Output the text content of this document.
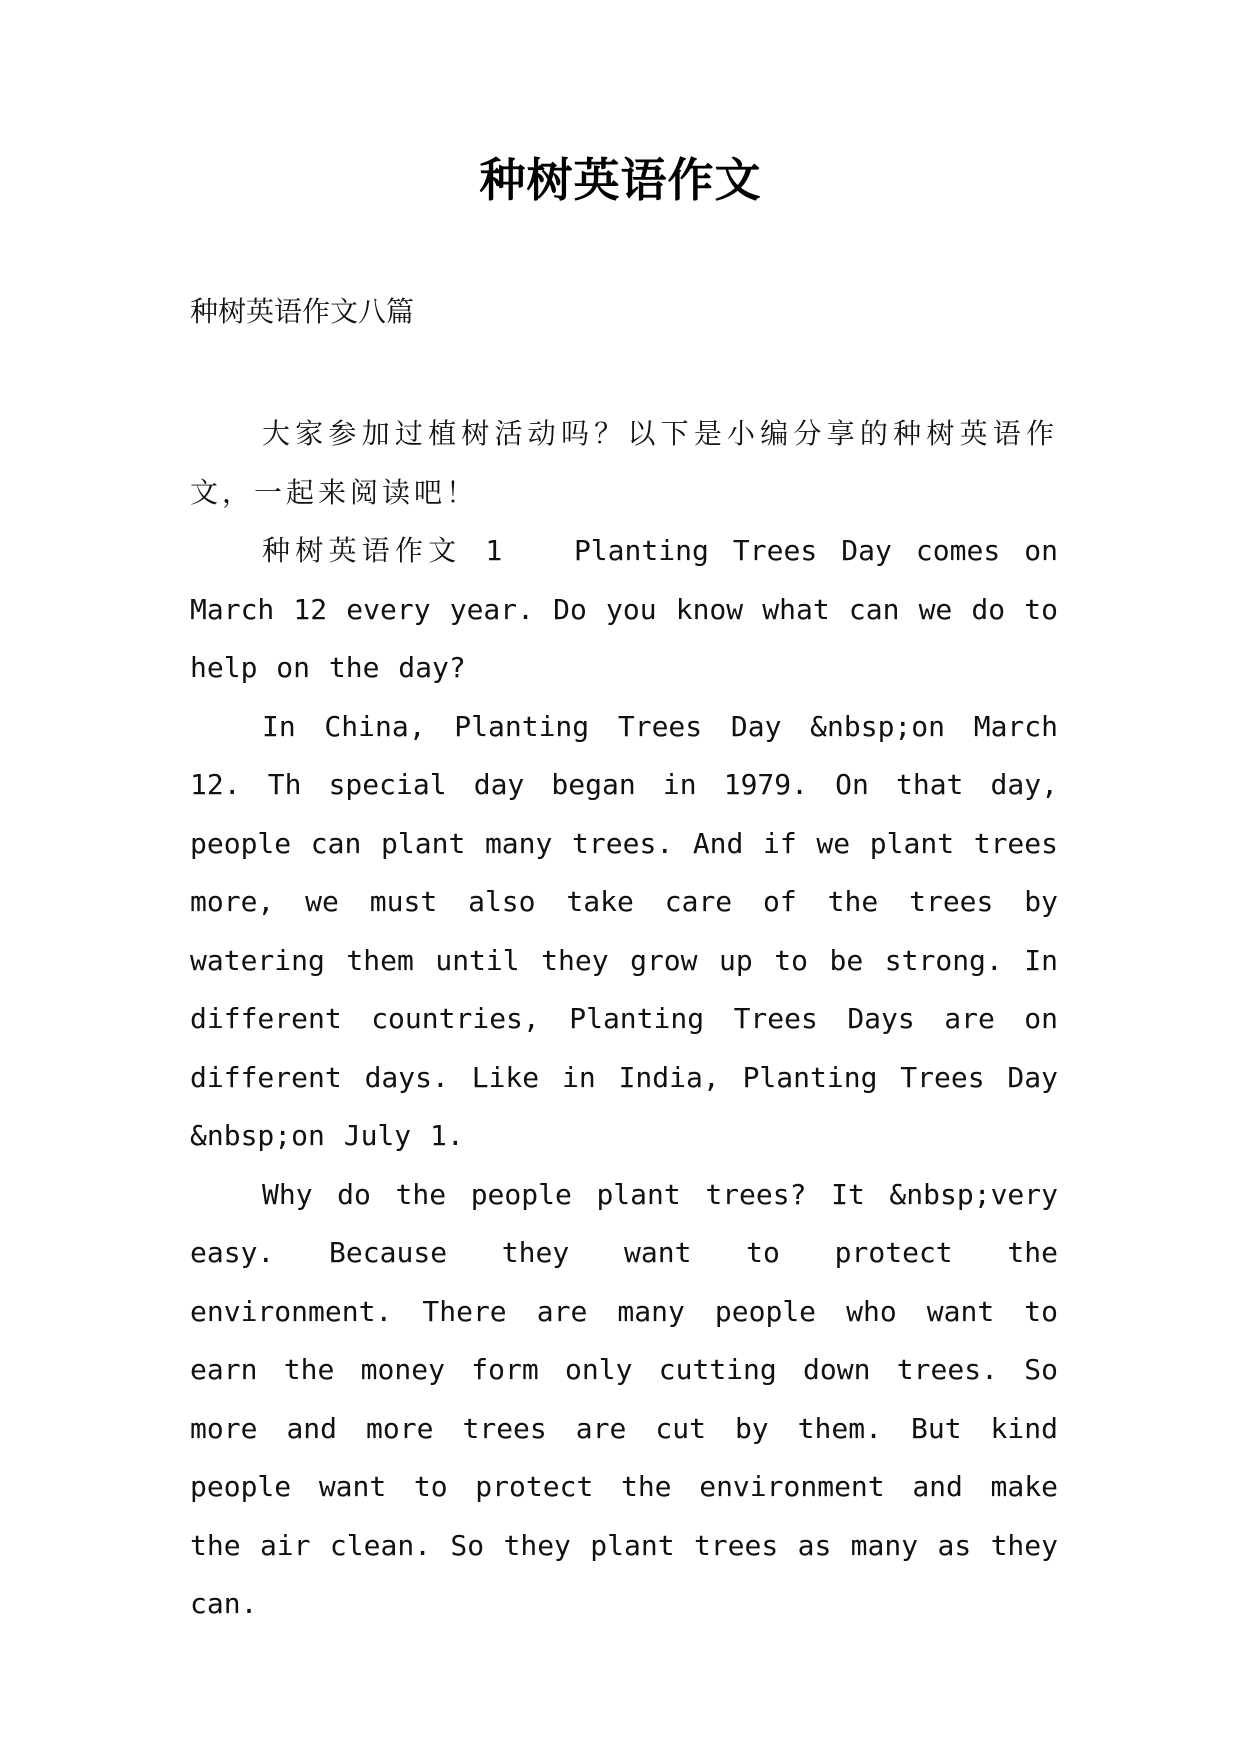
种树英语作文
种树英语作文八篇

大家参加过植树活动吗？以下是小编分享的种树英语作文，一起来阅读吧！

种树英语作文 1　　Planting Trees Day comes on March 12 every year. Do you know what can we do to help on the day?

In China, Planting Trees Day &nbsp;on March 12. Th special day began in 1979. On that day, people can plant many trees. And if we plant trees more, we must also take care of the trees by watering them until they grow up to be strong. In different countries, Planting Trees Days are on different days. Like in India, Planting Trees Day &nbsp;on July 1.

Why do the people plant trees? It &nbsp;very easy. Because they want to protect the environment. There are many people who want to earn the money form only cutting down trees. So more and more trees are cut by them. But kind people want to protect the environment and make the air clean. So they plant trees as many as they can.
